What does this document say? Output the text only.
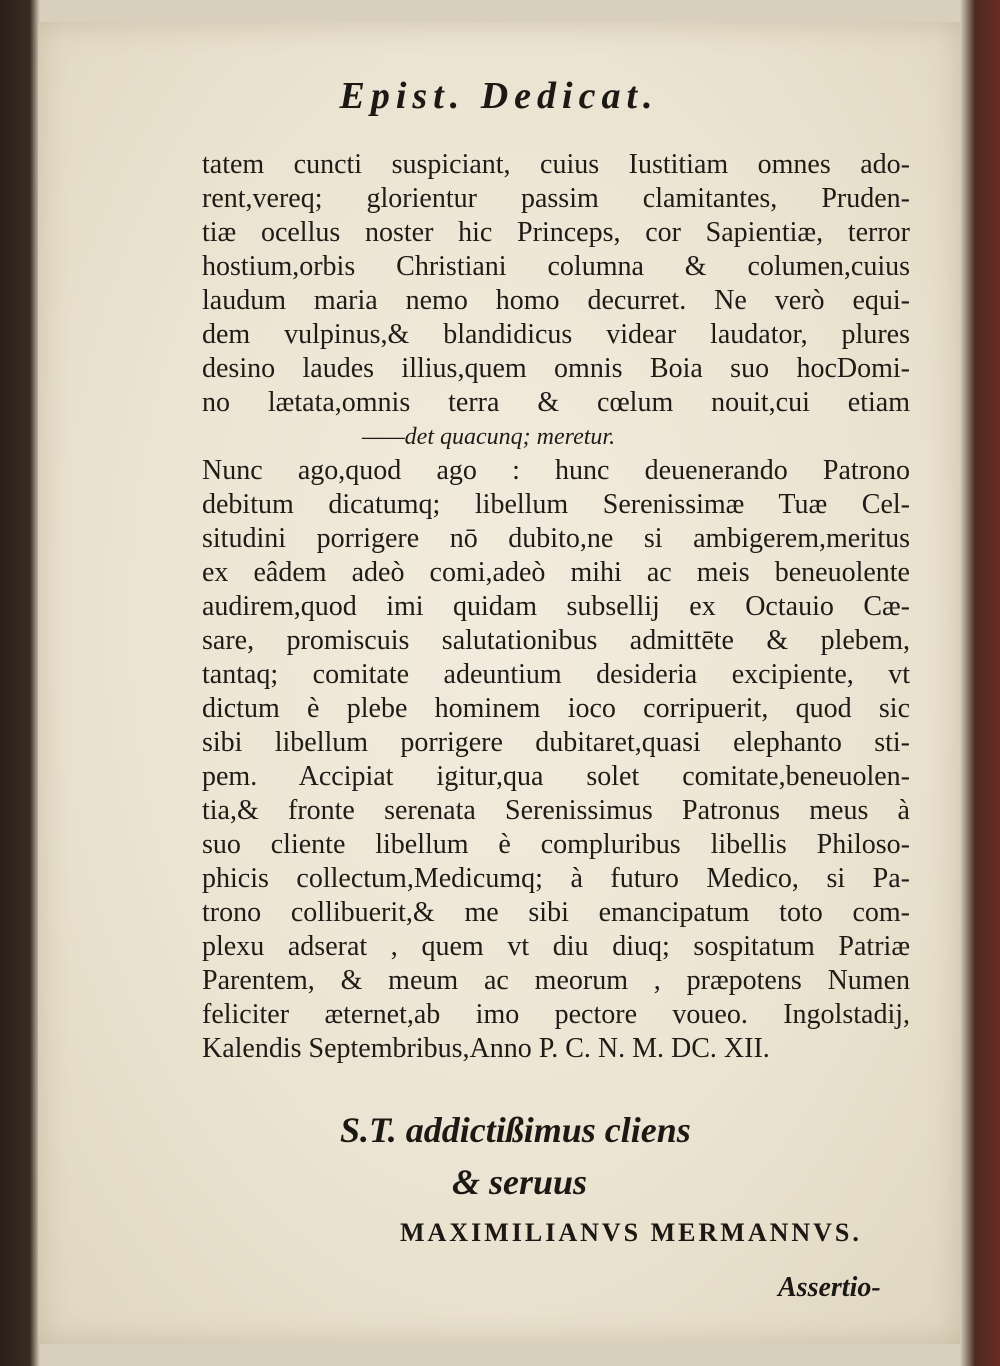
Epist. Dedicat.
tatem cuncti suspiciant, cuius Iustitiam omnes ado-
rent,vereq; glorientur passim clamitantes, Pruden-
tiæ ocellus noster hic Princeps, cor Sapientiæ, terror
hostium,orbis Christiani columna & columen,cuius
laudum maria nemo homo decurret. Ne verò equi-
dem vulpinus,& blandidicus videar laudator, plures
desino laudes illius,quem omnis Boia suo hocDomi-
no lætata,omnis terra & cœlum nouit,cui etiam
——det quacunq; meretur.
Nunc ago,quod ago : hunc deuenerando Patrono
debitum dicatumq; libellum Serenissimæ Tuæ Cel-
situdini porrigere nō dubito,ne si ambigerem,meritus
ex eâdem adeò comi,adeò mihi ac meis beneuolente
audirem,quod imi quidam subsellij ex Octauio Cæ-
sare, promiscuis salutationibus admittēte & plebem,
tantaq; comitate adeuntium desideria excipiente, vt
dictum è plebe hominem ioco corripuerit, quod sic
sibi libellum porrigere dubitaret,quasi elephanto sti-
pem. Accipiat igitur,qua solet comitate,beneuolen-
tia,& fronte serenata Serenissimus Patronus meus à
suo cliente libellum è compluribus libellis Philoso-
phicis collectum,Medicumq; à futuro Medico, si Pa-
trono collibuerit,& me sibi emancipatum toto com-
plexu adserat , quem vt diu diuq; sospitatum Patriæ
Parentem, & meum ac meorum , præpotens Numen
feliciter æternet,ab imo pectore voueo. Ingolstadij,
Kalendis Septembribus,Anno P. C. N. M. DC. XII.
S.T. addictißimus cliens
& seruus
MAXIMILIANVS MERMANNVS.
Assertio-
